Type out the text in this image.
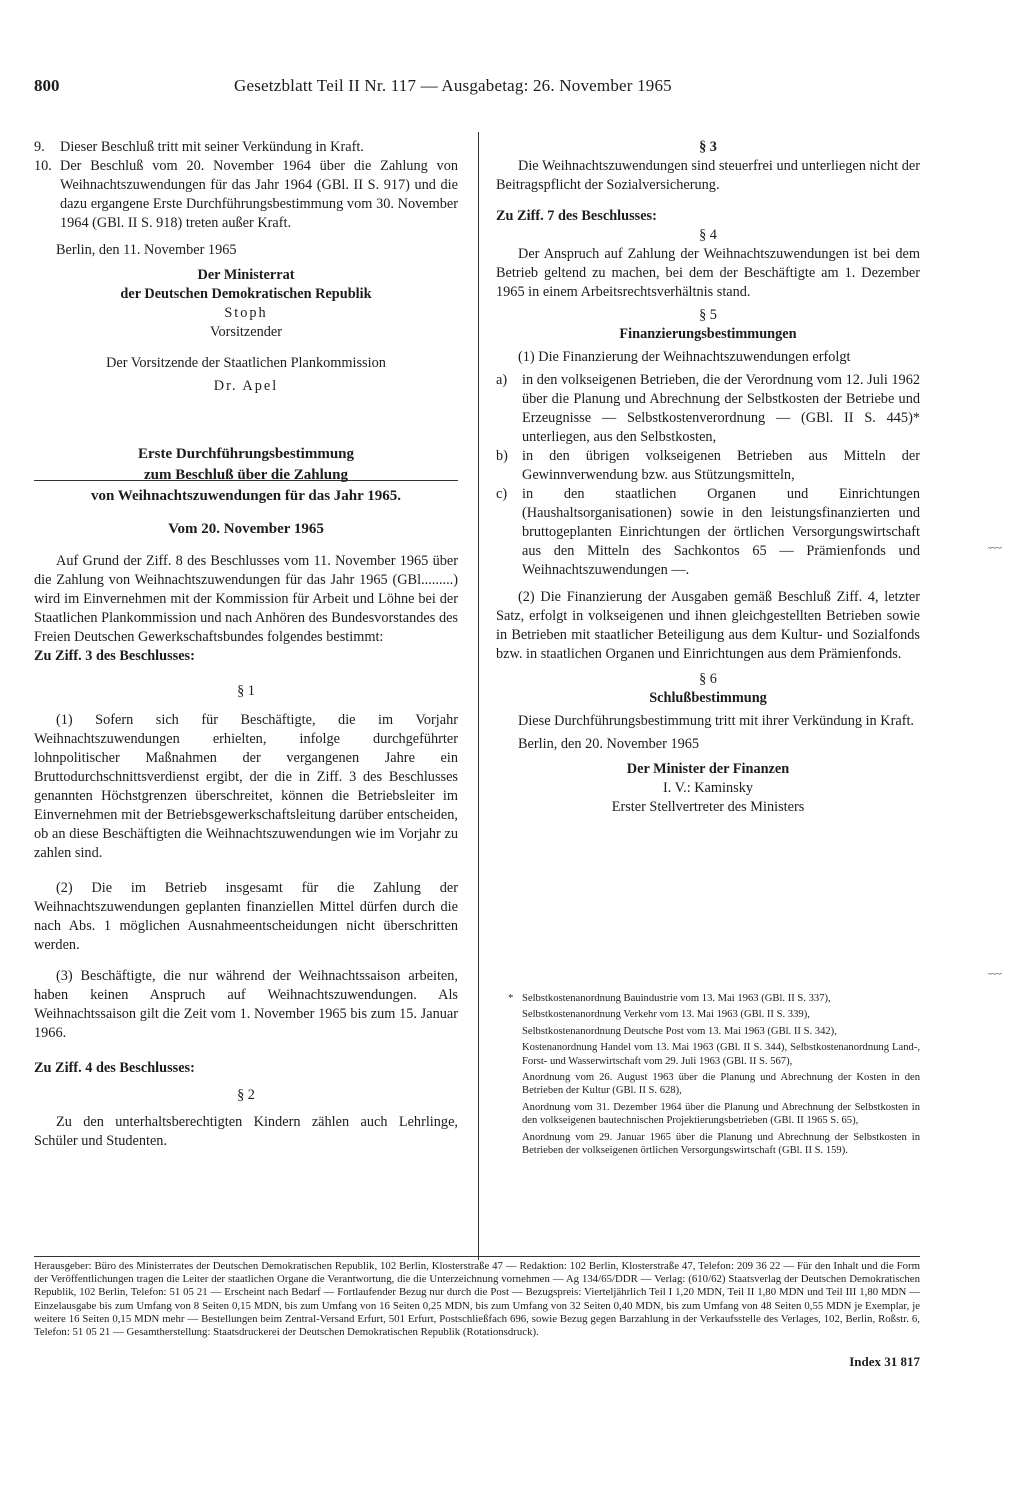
800	Gesetzblatt Teil II Nr. 117 — Ausgabetag: 26. November 1965
9.	Dieser Beschluß tritt mit seiner Verkündung in Kraft.
10. Der Beschluß vom 20. November 1964 über die Zahlung von Weihnachtszuwendungen für das Jahr 1964 (GBl. II S. 917) und die dazu ergangene Erste Durchführungsbestimmung vom 30. November 1964 (GBl. II S. 918) treten außer Kraft.

Berlin, den 11. November 1965

Der Ministerrat

der Deutschen Demokratischen Republik

Stoph

Vorsitzender

Der Vorsitzende der Staatlichen Plankommission

Dr. Apel

Erste Durchführungsbestimmung
zum Beschluß über die Zahlung
von Weihnachtszuwendungen für das Jahr 1965.
Vom 20. November 1965

Auf Grund der Ziff. 8 des Beschlusses vom 11. November 1965 über die Zahlung von Weihnachtszuwendungen für das Jahr 1965 (GBl.........) wird im Einvernehmen mit der Kommission für Arbeit und Löhne bei der Staatlichen Plankommission und nach Anhören des Bundesvorstandes des Freien Deutschen Gewerkschaftsbundes folgendes bestimmt:

Zu Ziff. 3 des Beschlusses:

§ 1

(1) Sofern sich für Beschäftigte, die im Vorjahr Weihnachtszuwendungen erhielten, infolge durchgeführter lohnpolitischer Maßnahmen der vergangenen Jahre ein Bruttodurchschnittsverdienst ergibt, der die in Ziff. 3 des Beschlusses genannten Höchstgrenzen überschreitet, können die Betriebsleiter im Einvernehmen mit der Betriebsgewerkschaftsleitung darüber entscheiden, ob an diese Beschäftigten die Weihnachtszuwendungen wie im Vorjahr zu zahlen sind.

(2) Die im Betrieb insgesamt für die Zahlung der Weihnachtszuwendungen geplanten finanziellen Mittel dürfen durch die nach Abs. 1 möglichen Ausnahmeentscheidungen nicht überschritten werden.

(3) Beschäftigte, die nur während der Weihnachtssaison arbeiten, haben keinen Anspruch auf Weihnachtszuwendungen. Als Weihnachtssaison gilt die Zeit vom 1. November 1965 bis zum 15. Januar 1966.

Zu Ziff. 4 des Beschlusses:

§ 2

Zu den unterhaltsberechtigten Kindern zählen auch Lehrlinge, Schüler und Studenten.

§ 3

Die Weihnachtszuwendungen sind steuerfrei und unterliegen nicht der Beitragspflicht der Sozialversicherung.

Zu Ziff. 7 des Beschlusses:

§ 4

Der Anspruch auf Zahlung der Weihnachtszuwendungen ist bei dem Betrieb geltend zu machen, bei dem der Beschäftigte am 1. Dezember 1965 in einem Arbeitsrechtsverhältnis stand.

§ 5

Finanzierungsbestimmungen

(1) Die Finanzierung der Weihnachtszuwendungen erfolgt

a)	in den volkseigenen Betrieben, die der Verordnung vom 12. Juli 1962 über die Planung und Abrechnung der Selbstkosten der Betriebe und Erzeugnisse — Selbstkostenverordnung — (GBl. II S. 445)* unterliegen, aus den Selbstkosten,
b) in den übrigen volkseigenen Betrieben aus Mitteln der Gewinnverwendung bzw. aus Stützungsmitteln,
c)	in den staatlichen Organen und Einrichtungen (Haushaltsorganisationen) sowie in den leistungsfinanzierten und bruttogeplanten Einrichtungen der örtlichen Versorgungswirtschaft aus den Mitteln des Sachkontos 65 — Prämienfonds und Weihnachtszuwendungen —.

(2) Die Finanzierung der Ausgaben gemäß Beschluß Ziff. 4, letzter Satz, erfolgt in volkseigenen und ihnen gleichgestellten Betrieben sowie in Betrieben mit staatlicher Beteiligung aus dem Kultur- und Sozialfonds bzw. in staatlichen Organen und Einrichtungen aus dem Prämienfonds.

§ 6

Schlußbestimmung

Diese Durchführungsbestimmung tritt mit ihrer Verkündung in Kraft.

Berlin, den 20. November 1965

Der Minister der Finanzen

I. V.: Kaminsky

Erster Stellvertreter des Ministers

* Selbstkostenanordnung Bauindustrie vom 13. Mai 1963 (GBl. II S. 337),
Selbstkostenanordnung Verkehr vom 13. Mai 1963 (GBl. II S. 339),
Selbstkostenanordnung Deutsche Post vom 13. Mai 1963 (GBl. II S. 342),
Kostenanordnung Handel vom 13. Mai 1963 (GBl. II S. 344), Selbstkostenanordnung Land-, Forst- und Wasserwirtschaft vom 29. Juli 1963 (GBl. II S. 567),
Anordnung vom 26. August 1963 über die Planung und Abrechnung der Kosten in den Betrieben der Kultur (GBl. II S. 628),
Anordnung vom 31. Dezember 1964 über die Planung und Abrechnung der Selbstkosten in den volkseigenen bautechnischen Projektierungsbetrieben (GBl. II 1965 S. 65),
Anordnung vom 29. Januar 1965 über die Planung und Abrechnung der Selbstkosten in Betrieben der volkseigenen örtlichen Versorgungswirtschaft (GBl. II S. 159).
Herausgeber: Büro des Ministerrates der Deutschen Demokratischen Republik, 102 Berlin, Klosterstraße 47 — Redaktion: 102 Berlin, Klosterstraße 47, Telefon: 209 36 22 — Für den Inhalt und die Form der Veröffentlichungen tragen die Leiter der staatlichen Organe die Verantwortung, die die Unterzeichnung vornehmen — Ag 134/65/DDR — Verlag: (610/62) Staatsverlag der Deutschen Demokratischen Republik, 102 Berlin, Telefon: 51 05 21 — Erscheint nach Bedarf — Fortlaufender Bezug nur durch die Post — Bezugspreis: Vierteljährlich Teil I 1,20 MDN, Teil II 1,80 MDN und Teil III 1,80 MDN — Einzelausgabe bis zum Umfang von 8 Seiten 0,15 MDN, bis zum Umfang von 16 Seiten 0,25 MDN, bis zum Umfang von 32 Seiten 0,40 MDN, bis zum Umfang von 48 Seiten 0,55 MDN je Exemplar, je weitere 16 Seiten 0,15 MDN mehr — Bestellungen beim Zentral-Versand Erfurt, 501 Erfurt, Postschließfach 696, sowie Bezug gegen Barzahlung in der Verkaufsstelle des Verlages, 102, Berlin, Roßstr. 6, Telefon: 51 05 21 — Gesamtherstellung: Staatsdruckerei der Deutschen Demokratischen Republik (Rotationsdruck).
Index 31 817
﹏
﹏
